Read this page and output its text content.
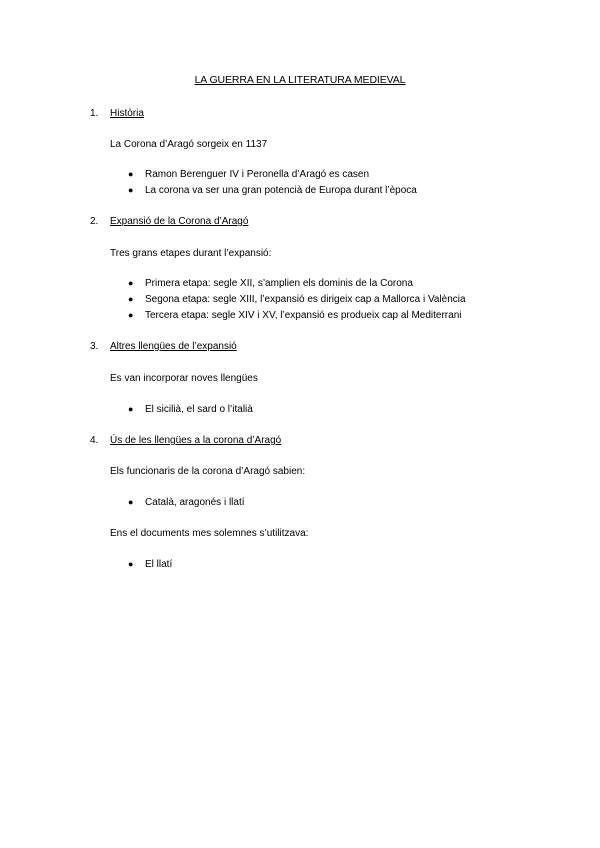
LA GUERRA EN LA LITERATURA MEDIEVAL
1. Història
La Corona d’Aragó sorgeix en 1137
● Ramon Berenguer IV i Peronella d’Aragó es casen
● La corona va ser una gran potencià de Europa durant l’època
2. Expansió de la Corona d’Aragó
Tres grans etapes durant l’expansió:
● Primera etapa: segle XII, s’amplien els dominis de la Corona
● Segona etapa: segle XIII, l’expansió es dirigeix cap a Mallorca i València
● Tercera etapa: segle XIV i XV, l’expansió es produeix cap al Mediterrani
3. Altres llengües de l’expansió
Es van incorporar noves llengües
● El sicilià, el sard o l’italià
4. Ús de les llengües a la corona d’Aragó
Els funcionaris de la corona d’Aragó sabien:
● Català, aragonés i llatí
Ens el documents mes solemnes s’utilitzava:
● El llatí
